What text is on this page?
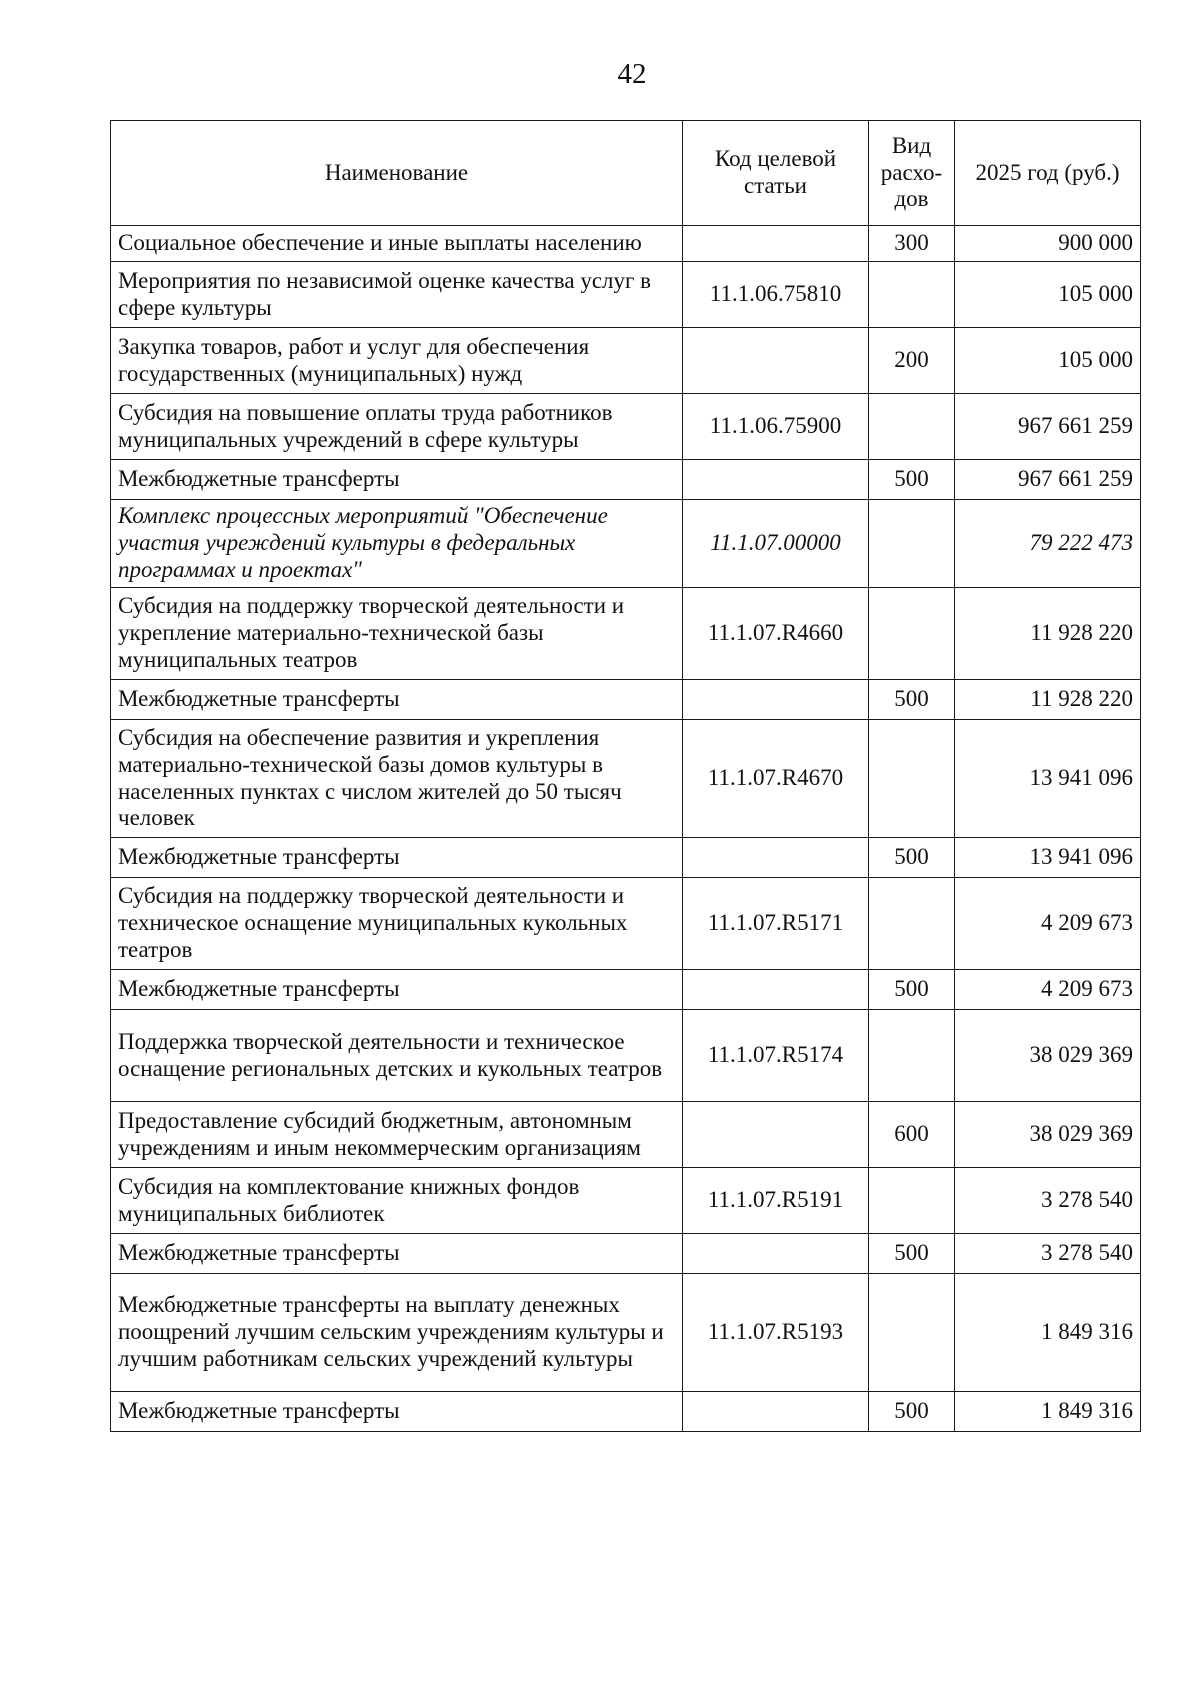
42
Наименование	Код целевой статьи	Вид расхо-дов	2025 год (руб.)
Социальное обеспечение и иные выплаты населению		300	900 000
Мероприятия по независимой оценке качества услуг в сфере культуры	11.1.06.75810		105 000
Закупка товаров, работ и услуг для обеспечения государственных (муниципальных) нужд		200	105 000
Субсидия на повышение оплаты труда работников муниципальных учреждений в сфере культуры	11.1.06.75900		967 661 259
Межбюджетные трансферты		500	967 661 259
Комплекс процессных мероприятий "Обеспечение участия учреждений культуры в федеральных программах и проектах"	11.1.07.00000		79 222 473
Субсидия на поддержку творческой деятельности и укрепление материально-технической базы муниципальных театров	11.1.07.R4660		11 928 220
Межбюджетные трансферты		500	11 928 220
Субсидия на обеспечение развития и укрепления материально-технической базы домов культуры в населенных пунктах с числом жителей до 50 тысяч человек	11.1.07.R4670		13 941 096
Межбюджетные трансферты		500	13 941 096
Субсидия на поддержку творческой деятельности и техническое оснащение муниципальных кукольных театров	11.1.07.R5171		4 209 673
Межбюджетные трансферты		500	4 209 673
Поддержка творческой деятельности и техническое оснащение региональных детских и кукольных театров	11.1.07.R5174		38 029 369
Предоставление субсидий бюджетным, автономным учреждениям и иным некоммерческим организациям		600	38 029 369
Субсидия на комплектование книжных фондов муниципальных библиотек	11.1.07.R5191		3 278 540
Межбюджетные трансферты		500	3 278 540
Межбюджетные трансферты на выплату денежных поощрений лучшим сельским учреждениям культуры и лучшим работникам сельских учреждений культуры	11.1.07.R5193		1 849 316
Межбюджетные трансферты		500	1 849 316
